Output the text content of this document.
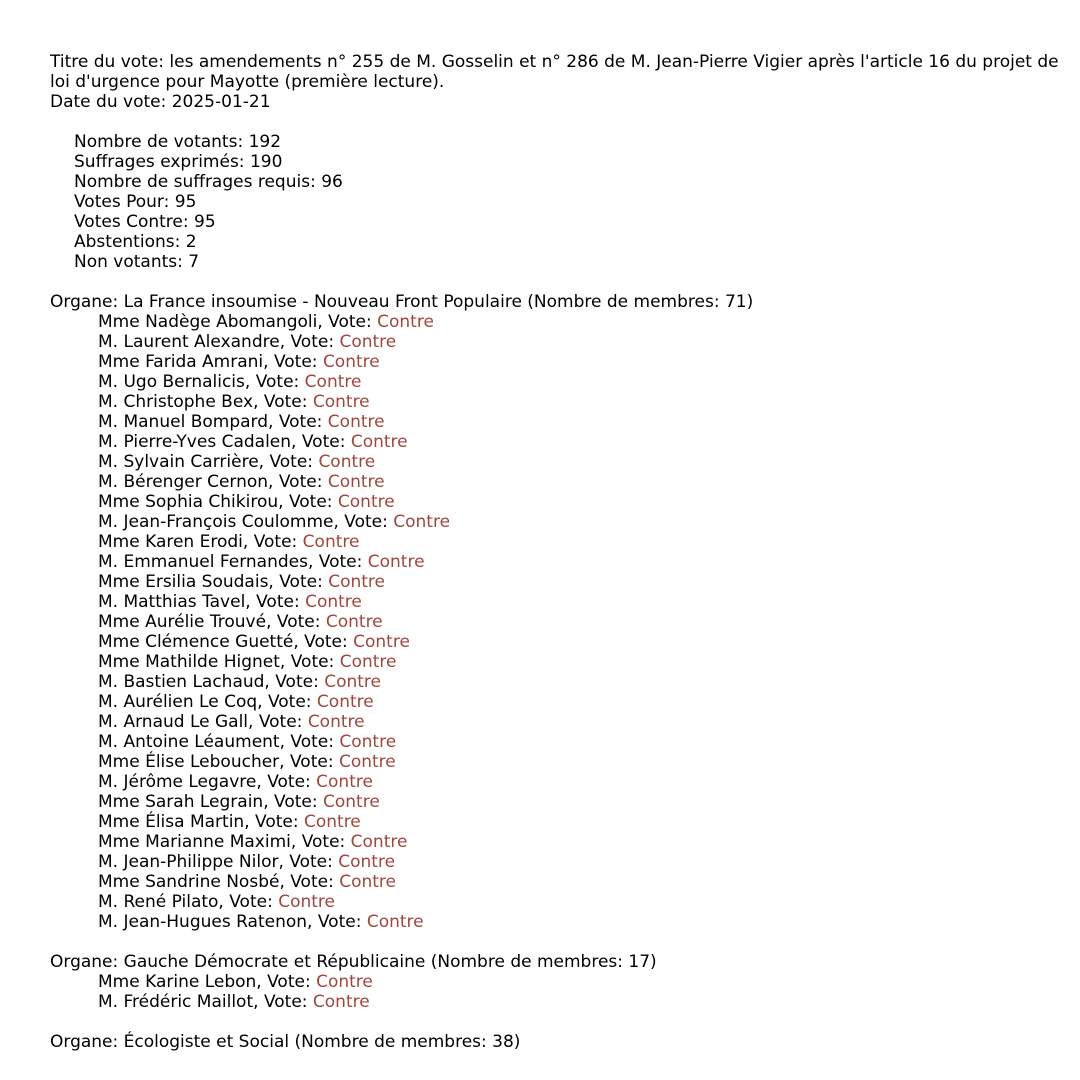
Titre du vote: les amendements n° 255 de M. Gosselin et n° 286 de M. Jean-Pierre Vigier après l'article 16 du projet de
loi d'urgence pour Mayotte (première lecture).
Date du vote: 2025-01-21
Nombre de votants: 192
Suffrages exprimés: 190
Nombre de suffrages requis: 96
Votes Pour: 95
Votes Contre: 95
Abstentions: 2
Non votants: 7
Organe: La France insoumise - Nouveau Front Populaire (Nombre de membres: 71)
Mme Nadège Abomangoli, Vote: Contre
M. Laurent Alexandre, Vote: Contre
Mme Farida Amrani, Vote: Contre
M. Ugo Bernalicis, Vote: Contre
M. Christophe Bex, Vote: Contre
M. Manuel Bompard, Vote: Contre
M. Pierre-Yves Cadalen, Vote: Contre
M. Sylvain Carrière, Vote: Contre
M. Bérenger Cernon, Vote: Contre
Mme Sophia Chikirou, Vote: Contre
M. Jean-François Coulomme, Vote: Contre
Mme Karen Erodi, Vote: Contre
M. Emmanuel Fernandes, Vote: Contre
Mme Ersilia Soudais, Vote: Contre
M. Matthias Tavel, Vote: Contre
Mme Aurélie Trouvé, Vote: Contre
Mme Clémence Guetté, Vote: Contre
Mme Mathilde Hignet, Vote: Contre
M. Bastien Lachaud, Vote: Contre
M. Aurélien Le Coq, Vote: Contre
M. Arnaud Le Gall, Vote: Contre
M. Antoine Léaument, Vote: Contre
Mme Élise Leboucher, Vote: Contre
M. Jérôme Legavre, Vote: Contre
Mme Sarah Legrain, Vote: Contre
Mme Élisa Martin, Vote: Contre
Mme Marianne Maximi, Vote: Contre
M. Jean-Philippe Nilor, Vote: Contre
Mme Sandrine Nosbé, Vote: Contre
M. René Pilato, Vote: Contre
M. Jean-Hugues Ratenon, Vote: Contre
Organe: Gauche Démocrate et Républicaine (Nombre de membres: 17)
Mme Karine Lebon, Vote: Contre
M. Frédéric Maillot, Vote: Contre
Organe: Écologiste et Social (Nombre de membres: 38)
